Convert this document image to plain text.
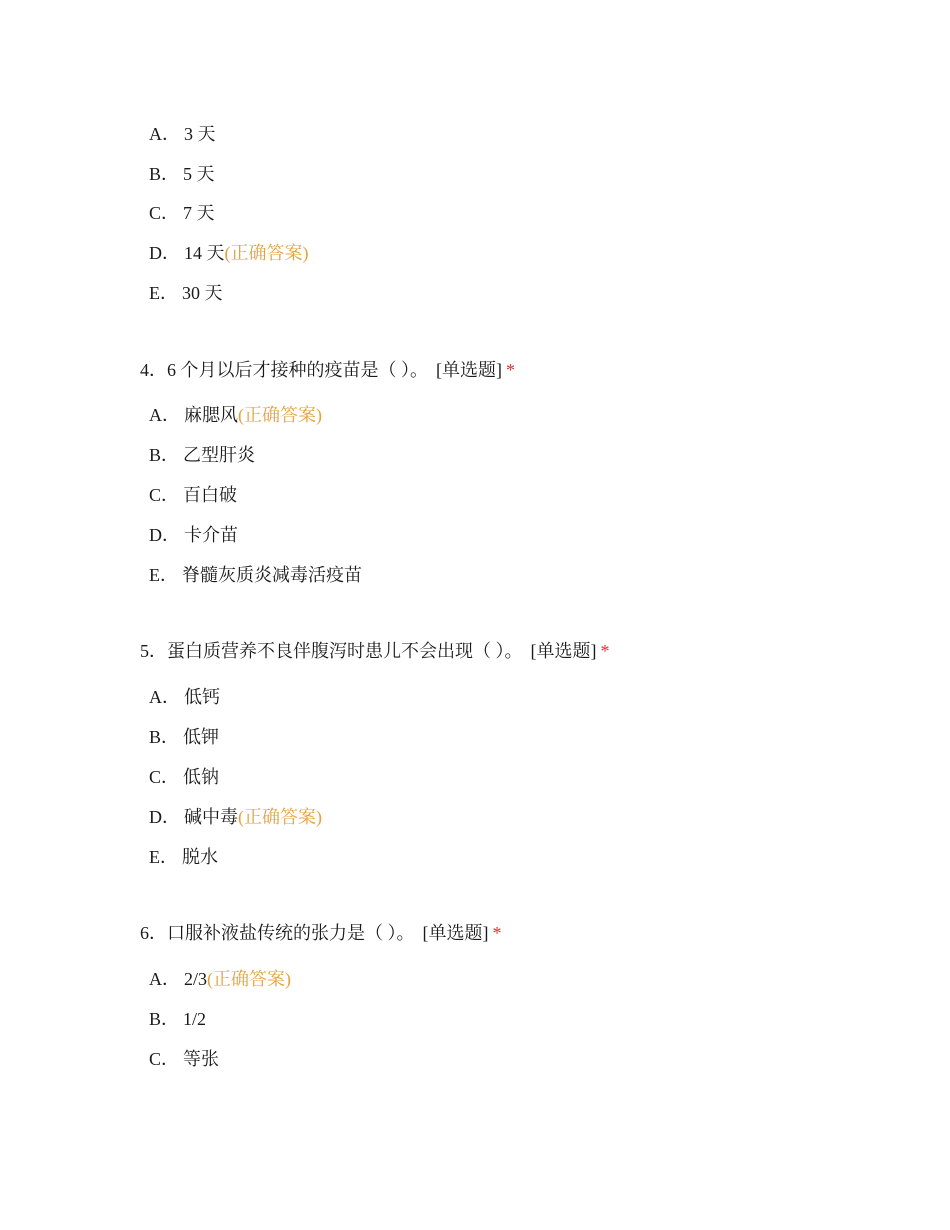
A． 3 天
B． 5 天
C． 7 天
D． 14 天(正确答案)
E． 30 天
4．6 个月以后才接种的疫苗是（ ）。 [单选题] *
A． 麻腮风(正确答案)
B． 乙型肝炎
C． 百白破
D． 卡介苗
E． 脊髓灰质炎减毒活疫苗
5．蛋白质营养不良伴腹泻时患儿不会出现（ ）。 [单选题] *
A． 低钙
B． 低钾
C． 低钠
D． 碱中毒(正确答案)
E． 脱水
6．口服补液盐传统的张力是（ ）。 [单选题] *
A． 2/3(正确答案)
B． 1/2
C． 等张
